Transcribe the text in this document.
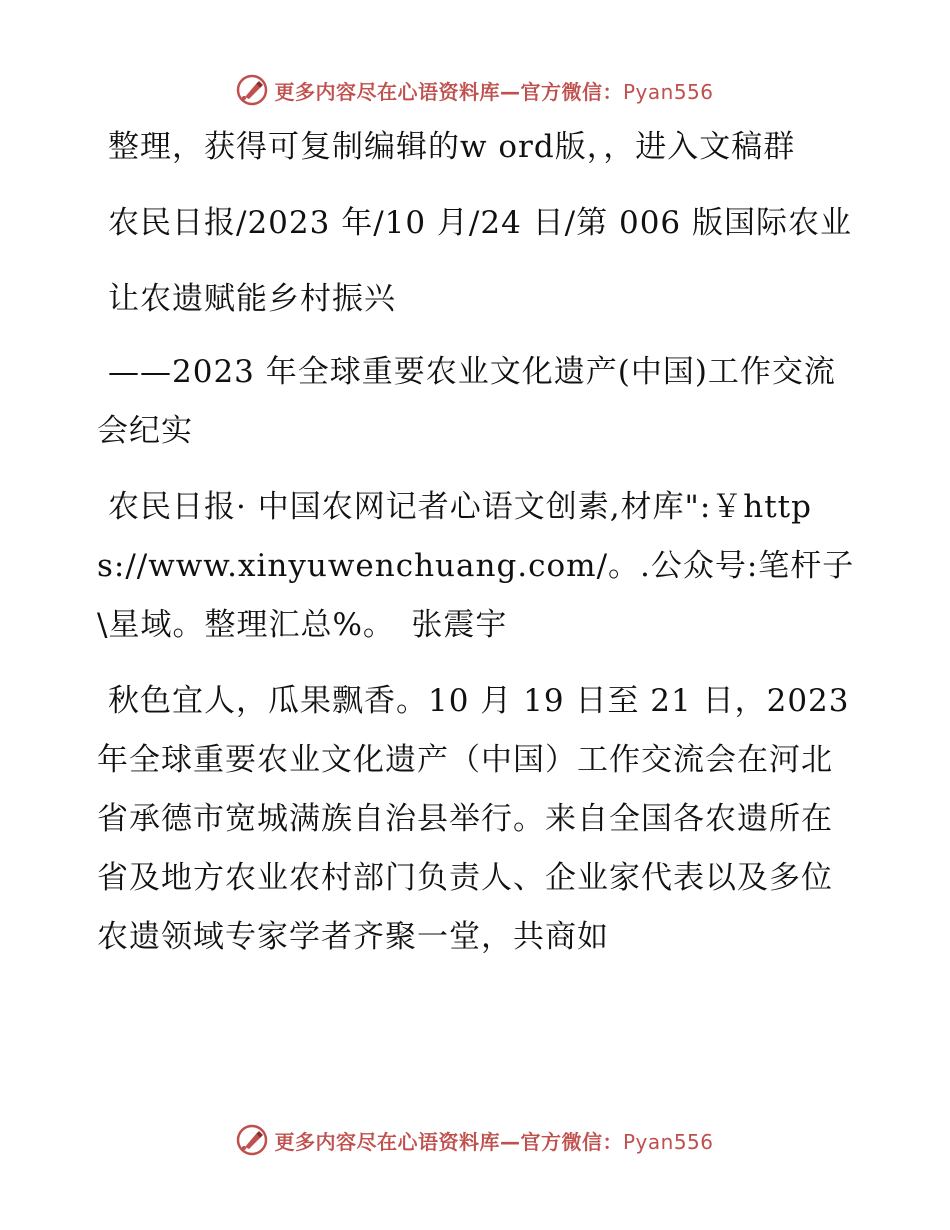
更多内容尽在心语资料库—官方微信：Pyan556

整理，获得可复制编辑的w ord版，，进入文稿群

农民日报/2023 年/10 月/24 日/第 006 版国际农业

让农遗赋能乡村振兴

——2023 年全球重要农业文化遗产(中国)工作交流会纪实

农民日报· 中国农网记者心语文创素,材库":￥https://www.xinyuwenchuang.com/。.公众号:笔杆子\星域。整理汇总%。　张震宇

秋色宜人，瓜果飘香。10 月 19 日至 21 日，2023 年全球重要农业文化遗产（中国）工作交流会在河北省承德市宽城满族自治县举行。来自全国各农遗所在省及地方农业农村部门负责人、企业家代表以及多位农遗领域专家学者齐聚一堂，共商如

更多内容尽在心语资料库—官方微信：Pyan556
